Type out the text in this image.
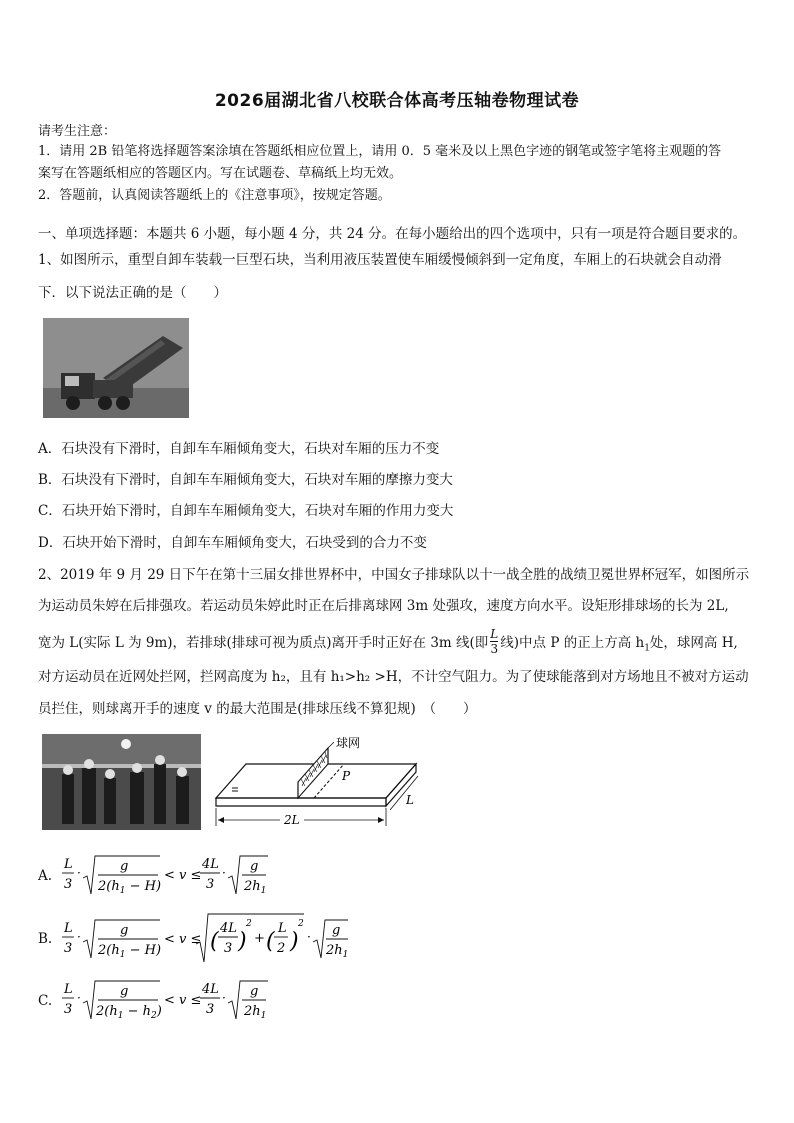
2026届湖北省八校联合体高考压轴卷物理试卷
请考生注意：
1．请用 2B 铅笔将选择题答案涂填在答题纸相应位置上，请用 0．5 毫米及以上黑色字迹的钢笔或签字笔将主观题的答
案写在答题纸相应的答题区内。写在试题卷、草稿纸上均无效。
2．答题前，认真阅读答题纸上的《注意事项》，按规定答题。
一、单项选择题：本题共 6 小题，每小题 4 分，共 24 分。在每小题给出的四个选项中，只有一项是符合题目要求的。
1、如图所示，重型自卸车装载一巨型石块，当利用液压装置使车厢缓慢倾斜到一定角度，车厢上的石块就会自动滑
下．以下说法正确的是（　　）
A．石块没有下滑时，自卸车车厢倾角变大，石块对车厢的压力不变
B．石块没有下滑时，自卸车车厢倾角变大，石块对车厢的摩擦力变大
C．石块开始下滑时，自卸车车厢倾角变大，石块对车厢的作用力变大
D．石块开始下滑时，自卸车车厢倾角变大，石块受到的合力不变
2、2019 年 9 月 29 日下午在第十三届女排世界杯中，中国女子排球队以十一战全胜的战绩卫冕世界杯冠军，如图所示
为运动员朱婷在后排强攻。若运动员朱婷此时正在后排离球网 3m 处强攻，速度方向水平。设矩形排球场的长为 2L,
宽为 L(实际 L 为 9m)，若排球(排球可视为质点)离开手时正好在 3m 线(即 $\frac{L}{3}$ 线)中点 P 的正上方高 $h_1$处，球网高 H,
对方运动员在近网处拦网，拦网高度为 h₂，且有 h₁>h₂ >H，不计空气阻力。为了使球能落到对方场地且不被对方运动
员拦住，则球离开手的速度 v 的最大范围是(排球压线不算犯规)　（　　）
球网
P
2L
L
A.
L
3
·	g
$2(h_1 - H)$
< v ≤
4L
3
· g
$2h_1$
B.
L
3
·	g
$2(h_1 - H)$
< v ≤ (
4L
3 )
2
+ (
L
2 )
2
· g
$2h_1$
C.
L
3
·	g
$2(h_1 - h_2)$
< v ≤
4L
3
· g
$2h_1$
